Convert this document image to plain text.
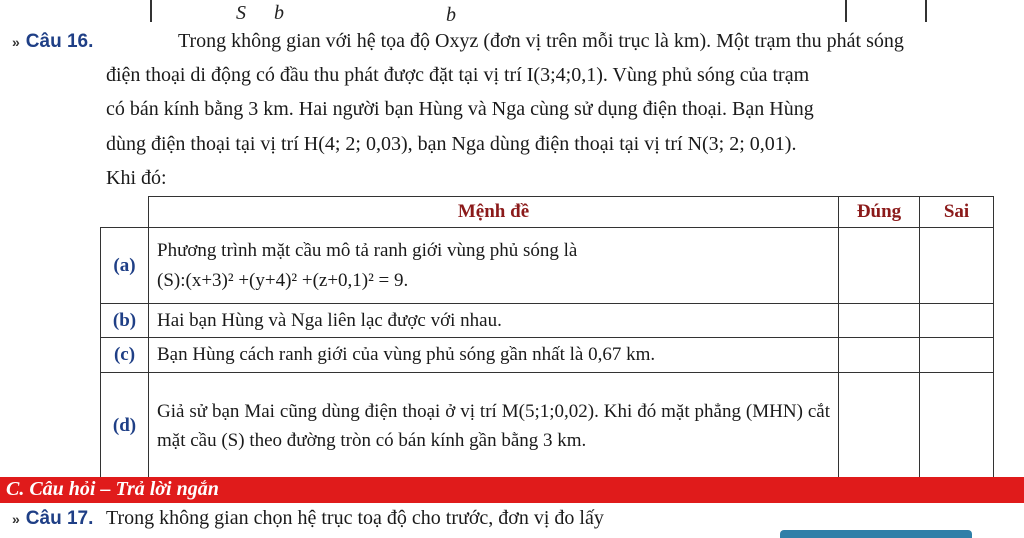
S b	b
» Câu 16.	Trong không gian với hệ tọa độ Oxyz (đơn vị trên mỗi trục là km). Một trạm thu phát sóng
điện thoại di động có đầu thu phát được đặt tại vị trí I(3;4;0,1). Vùng phủ sóng của trạm
có bán kính bằng 3 km. Hai người bạn Hùng và Nga cùng sử dụng điện thoại. Bạn Hùng
dùng điện thoại tại vị trí H(4; 2; 0,03), bạn Nga dùng điện thoại tại vị trí N(3; 2; 0,01).
Khi đó:
	Mệnh đề	Đúng	Sai
(a)	Phương trình mặt cầu mô tả ranh giới vùng phủ sóng là
(S):(x+3)² +(y+4)² +(z+0,1)² = 9.		

(b)	Hai bạn Hùng và Nga liên lạc được với nhau.		
(c)	Bạn Hùng cách ranh giới của vùng phủ sóng gần nhất là 0,67 km.		
(d)	Giả sử bạn Mai cũng dùng điện thoại ở vị trí M(5;1;0,02). Khi đó mặt phẳng (MHN) cắt mặt cầu (S) theo đường tròn có bán kính gần bằng 3 km.		
C. Câu hỏi – Trả lời ngắn
» Câu 17. Trong không gian chọn hệ trục toạ độ cho trước, đơn vị đo lấy
